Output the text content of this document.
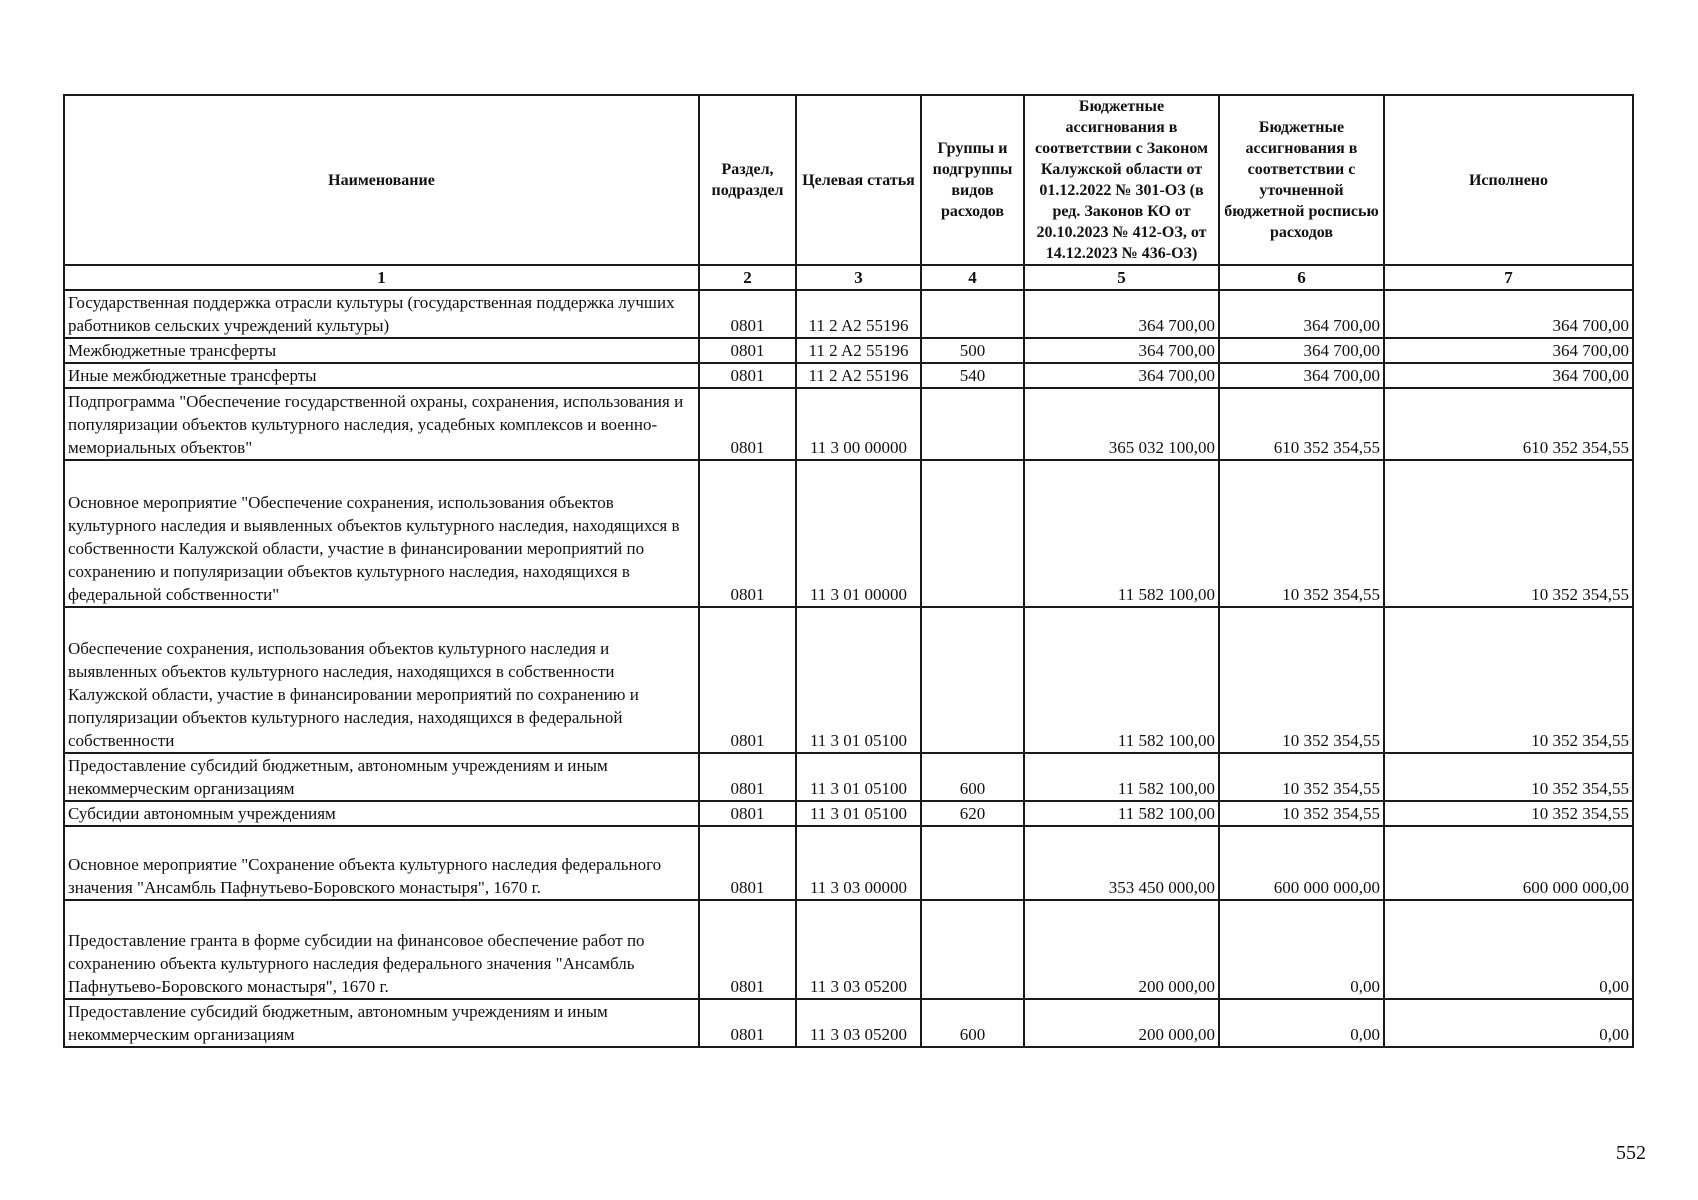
Наименование	Раздел, подраздел	Целевая статья	Группы и подгруппы видов расходов	Бюджетные ассигнования в соответствии с Законом Калужской области от 01.12.2022 № 301-ОЗ (в ред. Законов КО от 20.10.2023 № 412-ОЗ, от 14.12.2023 № 436-ОЗ)	Бюджетные ассигнования в соответствии с уточненной бюджетной росписью расходов	Исполнено
1	2	3	4	5	6	7
Государственная поддержка отрасли культуры (государственная поддержка лучших работников сельских учреждений культуры)	0801	11 2 A2 55196		364 700,00	364 700,00	364 700,00
Межбюджетные трансферты	0801	11 2 A2 55196	500	364 700,00	364 700,00	364 700,00
Иные межбюджетные трансферты	0801	11 2 A2 55196	540	364 700,00	364 700,00	364 700,00
Подпрограмма "Обеспечение государственной охраны, сохранения, использования и популяризации объектов культурного наследия, усадебных комплексов и военно-мемориальных объектов"	0801	11 3 00 00000		365 032 100,00	610 352 354,55	610 352 354,55
Основное мероприятие "Обеспечение сохранения, использования объектов культурного наследия и выявленных объектов культурного наследия, находящихся в собственности Калужской области, участие в финансировании мероприятий по сохранению и популяризации объектов культурного наследия, находящихся в федеральной собственности"	0801	11 3 01 00000		11 582 100,00	10 352 354,55	10 352 354,55
Обеспечение сохранения, использования объектов культурного наследия и выявленных объектов культурного наследия, находящихся в собственности Калужской области, участие в финансировании мероприятий по сохранению и популяризации объектов культурного наследия, находящихся в федеральной собственности	0801	11 3 01 05100		11 582 100,00	10 352 354,55	10 352 354,55
Предоставление субсидий бюджетным, автономным учреждениям и иным некоммерческим организациям	0801	11 3 01 05100	600	11 582 100,00	10 352 354,55	10 352 354,55
Субсидии автономным учреждениям	0801	11 3 01 05100	620	11 582 100,00	10 352 354,55	10 352 354,55
Основное мероприятие "Сохранение объекта культурного наследия федерального значения "Ансамбль Пафнутьево-Боровского монастыря", 1670 г.	0801	11 3 03 00000		353 450 000,00	600 000 000,00	600 000 000,00
Предоставление гранта в форме субсидии на финансовое обеспечение работ по сохранению объекта культурного наследия федерального значения "Ансамбль Пафнутьево-Боровского монастыря", 1670 г.	0801	11 3 03 05200		200 000,00	0,00	0,00
Предоставление субсидий бюджетным, автономным учреждениям и иным некоммерческим организациям	0801	11 3 03 05200	600	200 000,00	0,00	0,00
552
